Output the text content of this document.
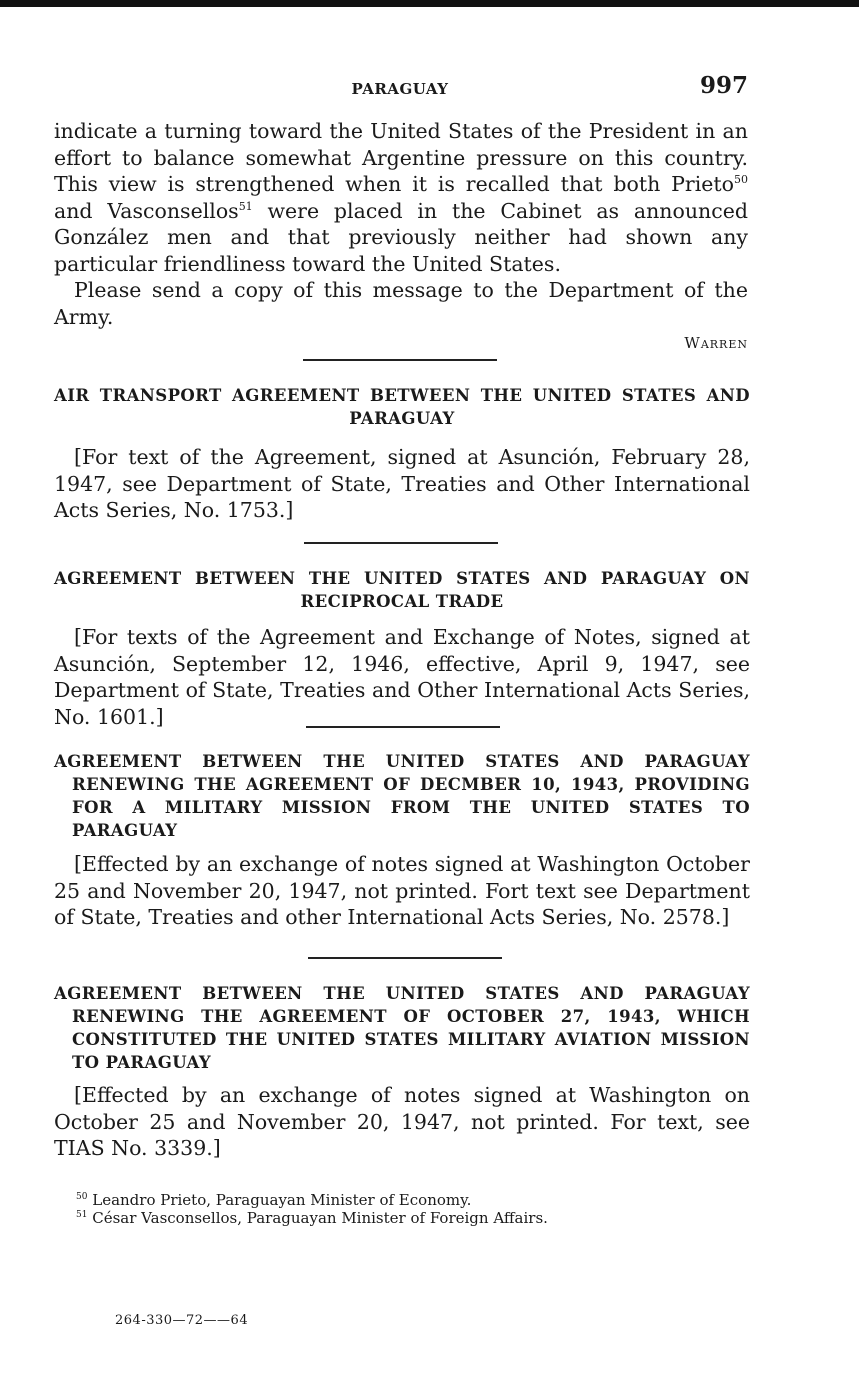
PARAGUAY	997

indicate a turning toward the United States of the President in an effort to balance somewhat Argentine pressure on this country. This view is strengthened when it is recalled that both Prieto$^{50}$ and Vasconsellos$^{51}$ were placed in the Cabinet as announced González men and that previously neither had shown any particular friendliness toward the United States.

Please send a copy of this message to the Department of the Army.

Warren
AIR TRANSPORT AGREEMENT BETWEEN THE UNITED STATES AND PARAGUAY

[For text of the Agreement, signed at Asunción, February 28, 1947, see Department of State, Treaties and Other International Acts Series, No. 1753.]

AGREEMENT BETWEEN THE UNITED STATES AND PARAGUAY ON RECIPROCAL TRADE

[For texts of the Agreement and Exchange of Notes, signed at Asunción, September 12, 1946, effective, April 9, 1947, see Department of State, Treaties and Other International Acts Series, No. 1601.]

AGREEMENT BETWEEN THE UNITED STATES AND PARAGUAY RENEWING THE AGREEMENT OF DECMBER 10, 1943, PROVIDING FOR A MILITARY MISSION FROM THE UNITED STATES TO PARAGUAY

[Effected by an exchange of notes signed at Washington October 25 and November 20, 1947, not printed. Fort text see Department of State, Treaties and other International Acts Series, No. 2578.]

AGREEMENT BETWEEN THE UNITED STATES AND PARAGUAY RENEWING THE AGREEMENT OF OCTOBER 27, 1943, WHICH CONSTITUTED THE UNITED STATES MILITARY AVIATION MISSION TO PARAGUAY

[Effected by an exchange of notes signed at Washington on October 25 and November 20, 1947, not printed. For text, see TIAS No. 3339.]

$^{50}$ Leandro Prieto, Paraguayan Minister of Economy.
$^{51}$ César Vasconsellos, Paraguayan Minister of Foreign Affairs.
264-330—72——64
